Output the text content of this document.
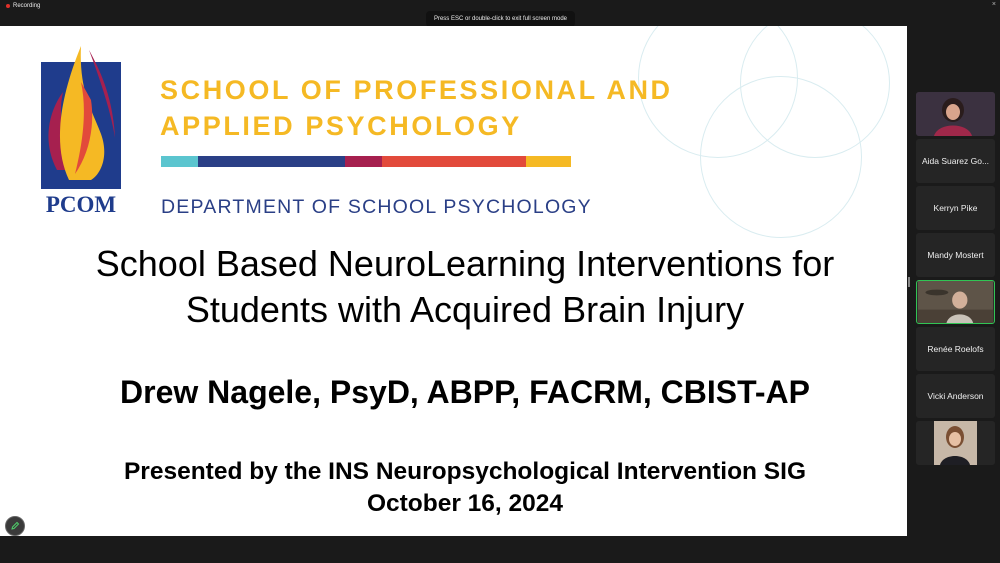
Recording	×
Press ESC or double-click to exit full screen mode
PCOM
SCHOOL OF PROFESSIONAL AND
APPLIED PSYCHOLOGY
DEPARTMENT OF SCHOOL PSYCHOLOGY
School Based NeuroLearning Interventions for
Students with Acquired Brain Injury
Drew Nagele, PsyD, ABPP, FACRM, CBIST-AP
Presented by the INS Neuropsychological Intervention SIG
October 16, 2024
Aida Suarez Go...
Kerryn Pike
Mandy Mostert
Renée Roelofs
Vicki Anderson
